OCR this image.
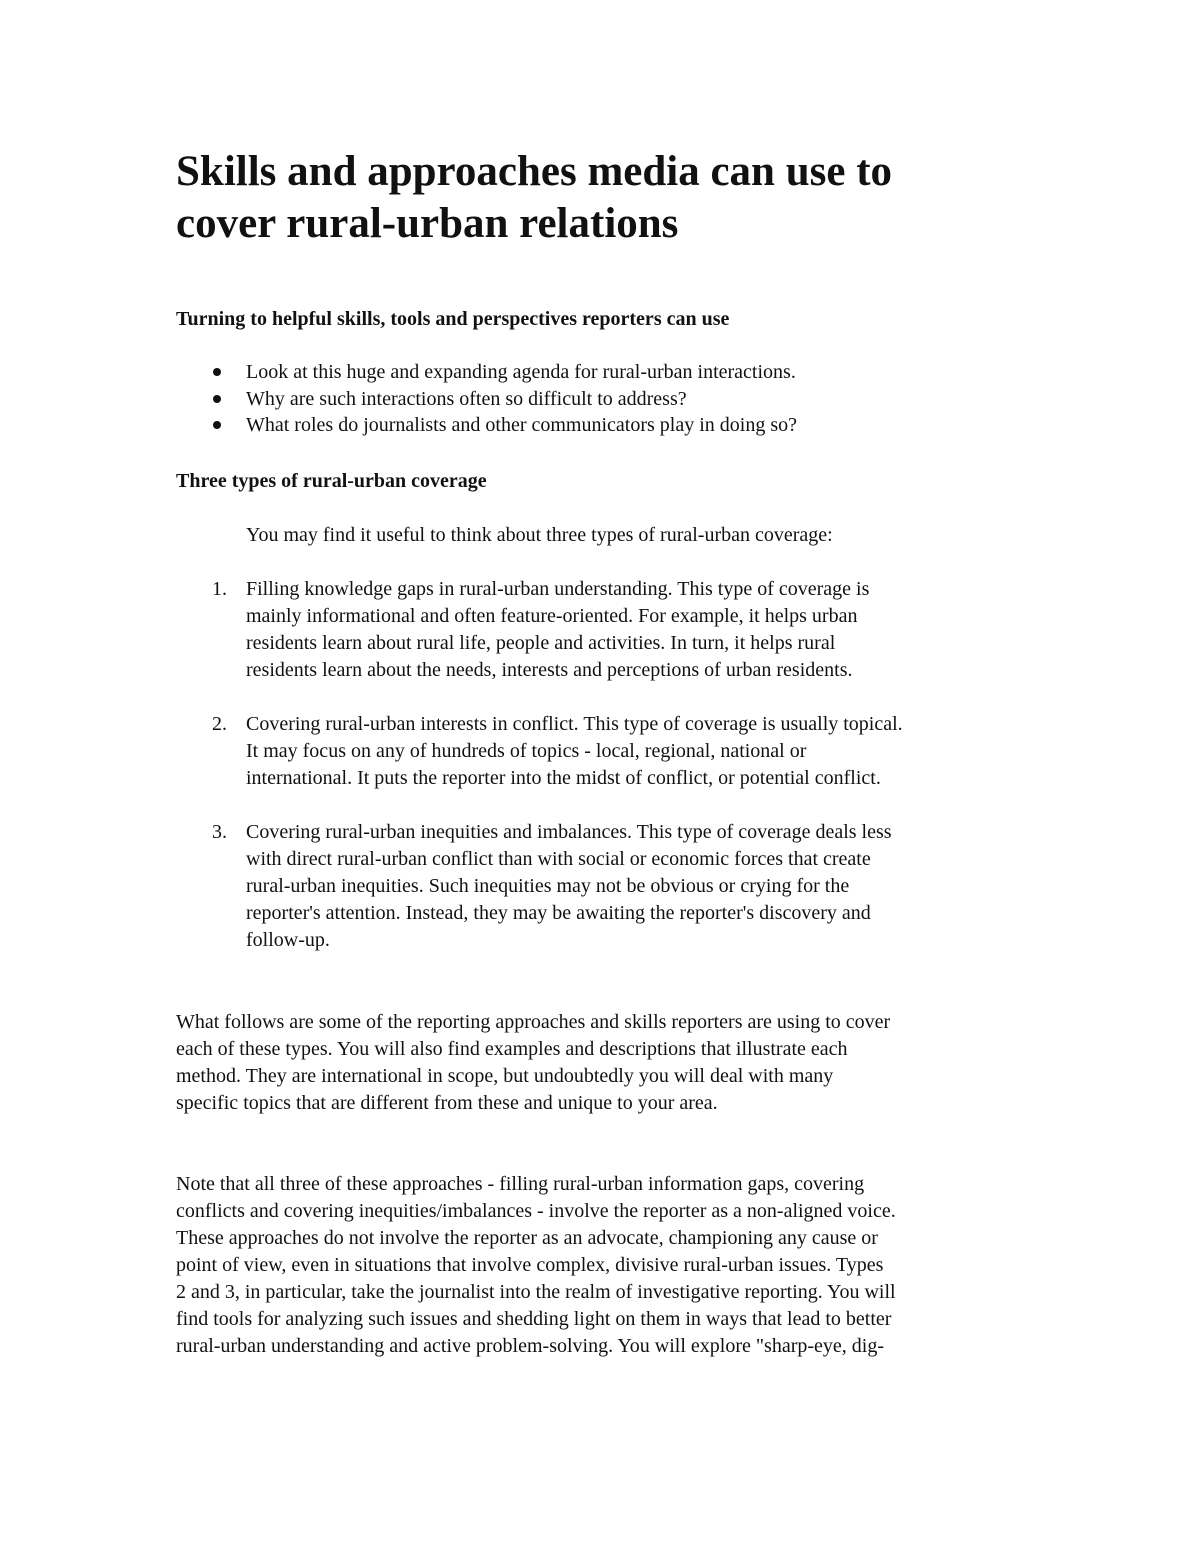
Skills and approaches media can use to
cover rural-urban relations
Turning to helpful skills, tools and perspectives reporters can use
Look at this huge and expanding agenda for rural-urban interactions.
Why are such interactions often so difficult to address?
What roles do journalists and other communicators play in doing so?
Three types of rural-urban coverage

You may find it useful to think about three types of rural-urban coverage:

1. Filling knowledge gaps in rural-urban understanding. This type of coverage is
mainly informational and often feature-oriented. For example, it helps urban
residents learn about rural life, people and activities. In turn, it helps rural
residents learn about the needs, interests and perceptions of urban residents.
2. Covering rural-urban interests in conflict. This type of coverage is usually topical.
It may focus on any of hundreds of topics - local, regional, national or
international. It puts the reporter into the midst of conflict, or potential conflict.
3. Covering rural-urban inequities and imbalances. This type of coverage deals less
with direct rural-urban conflict than with social or economic forces that create
rural-urban inequities. Such inequities may not be obvious or crying for the
reporter's attention. Instead, they may be awaiting the reporter's discovery and
follow-up.

What follows are some of the reporting approaches and skills reporters are using to cover
each of these types. You will also find examples and descriptions that illustrate each
method. They are international in scope, but undoubtedly you will deal with many
specific topics that are different from these and unique to your area.

Note that all three of these approaches - filling rural-urban information gaps, covering
conflicts and covering inequities/imbalances - involve the reporter as a non-aligned voice.
These approaches do not involve the reporter as an advocate, championing any cause or
point of view, even in situations that involve complex, divisive rural-urban issues. Types
2 and 3, in particular, take the journalist into the realm of investigative reporting. You will
find tools for analyzing such issues and shedding light on them in ways that lead to better
rural-urban understanding and active problem-solving. You will explore "sharp-eye, dig-
